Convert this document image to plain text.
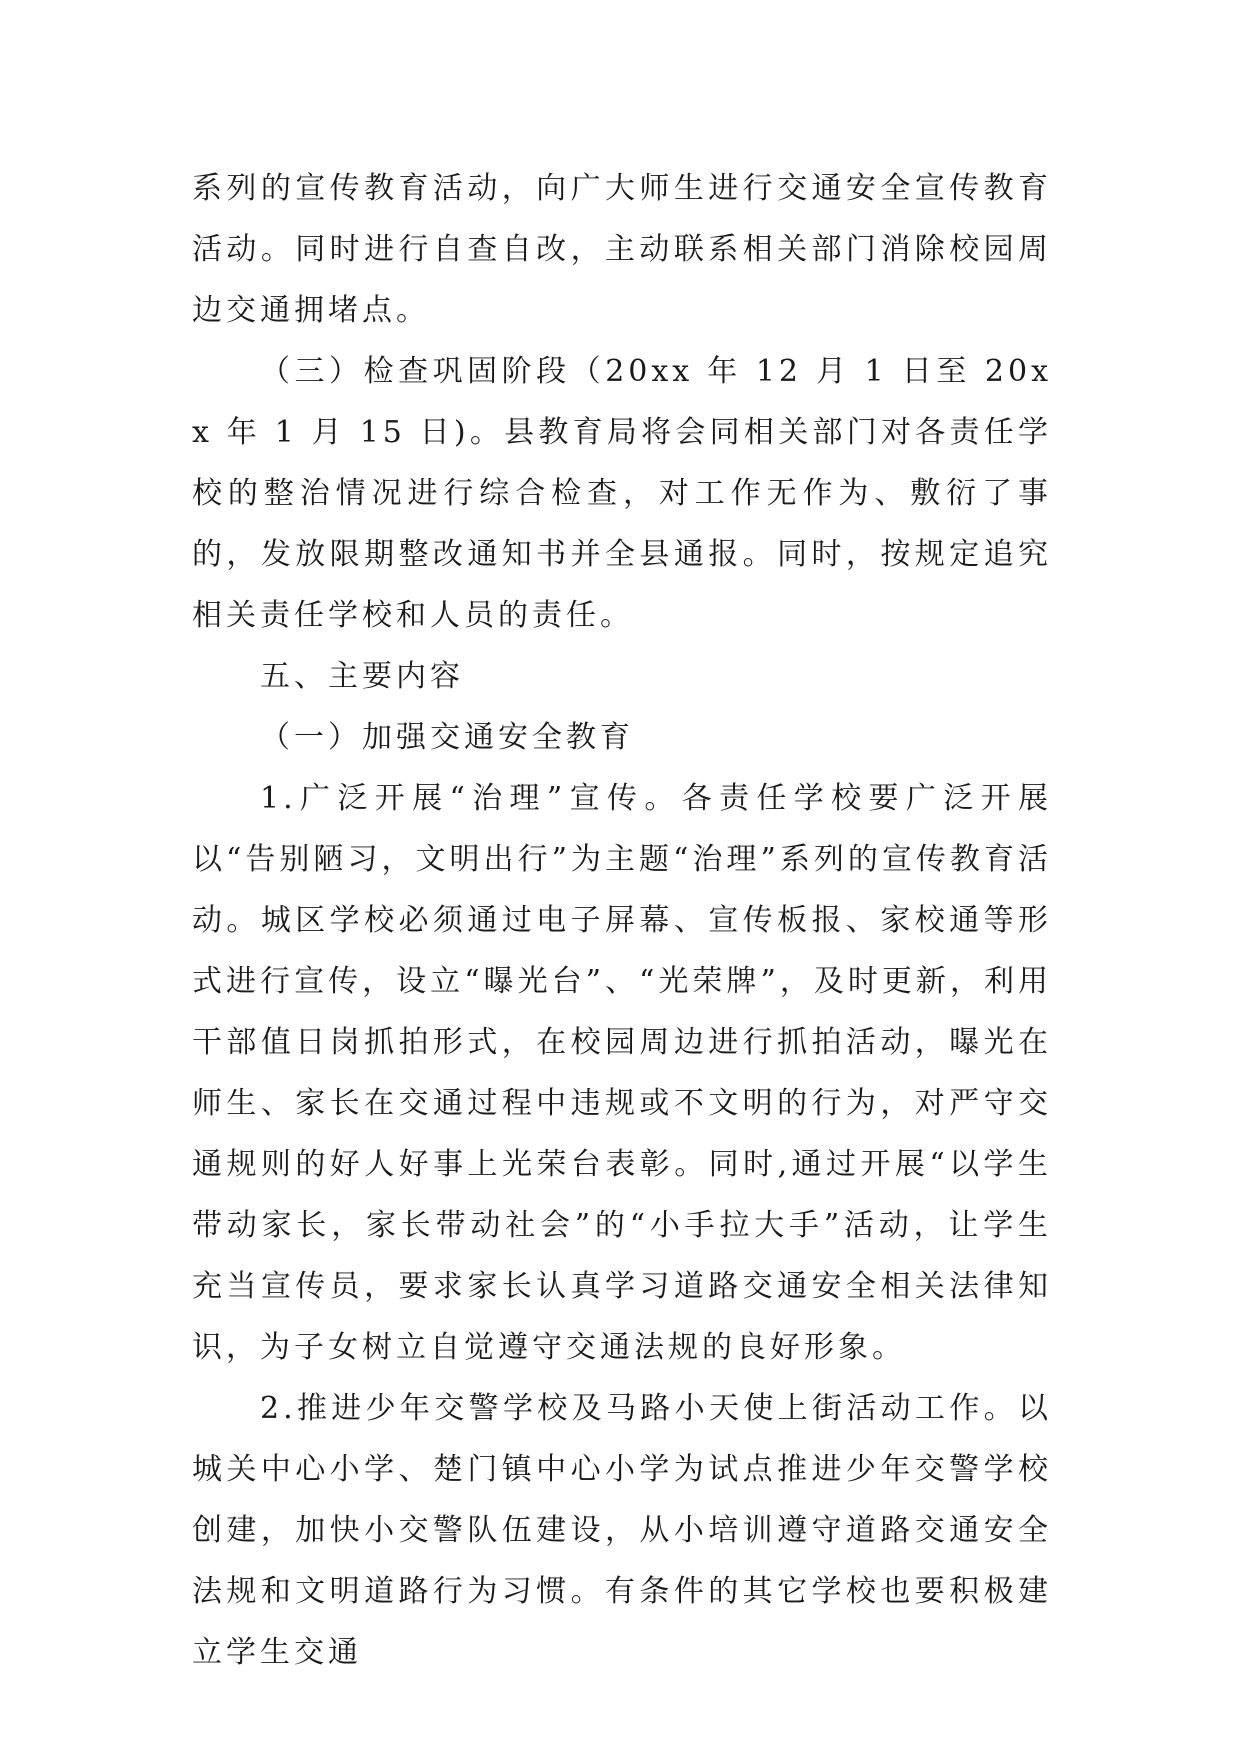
系列的宣传教育活动，向广大师生进行交通安全宣传教育活动。同时进行自查自改，主动联系相关部门消除校园周边交通拥堵点。

（三）检查巩固阶段（20xx 年 12 月 1 日至 20xx 年 1 月 15 日)。县教育局将会同相关部门对各责任学校的整治情况进行综合检查，对工作无作为、敷衍了事的，发放限期整改通知书并全县通报。同时，按规定追究相关责任学校和人员的责任。

五、主要内容

（一）加强交通安全教育

1.广泛开展“治理”宣传。各责任学校要广泛开展以“告别陋习，文明出行”为主题“治理”系列的宣传教育活动。城区学校必须通过电子屏幕、宣传板报、家校通等形式进行宣传，设立“曝光台”、“光荣牌”，及时更新，利用干部值日岗抓拍形式，在校园周边进行抓拍活动，曝光在师生、家长在交通过程中违规或不文明的行为，对严守交通规则的好人好事上光荣台表彰。同时,通过开展“以学生带动家长，家长带动社会”的“小手拉大手”活动，让学生充当宣传员，要求家长认真学习道路交通安全相关法律知识，为子女树立自觉遵守交通法规的良好形象。

2.推进少年交警学校及马路小天使上街活动工作。以城关中心小学、楚门镇中心小学为试点推进少年交警学校创建，加快小交警队伍建设，从小培训遵守道路交通安全法规和文明道路行为习惯。有条件的其它学校也要积极建立学生交通
